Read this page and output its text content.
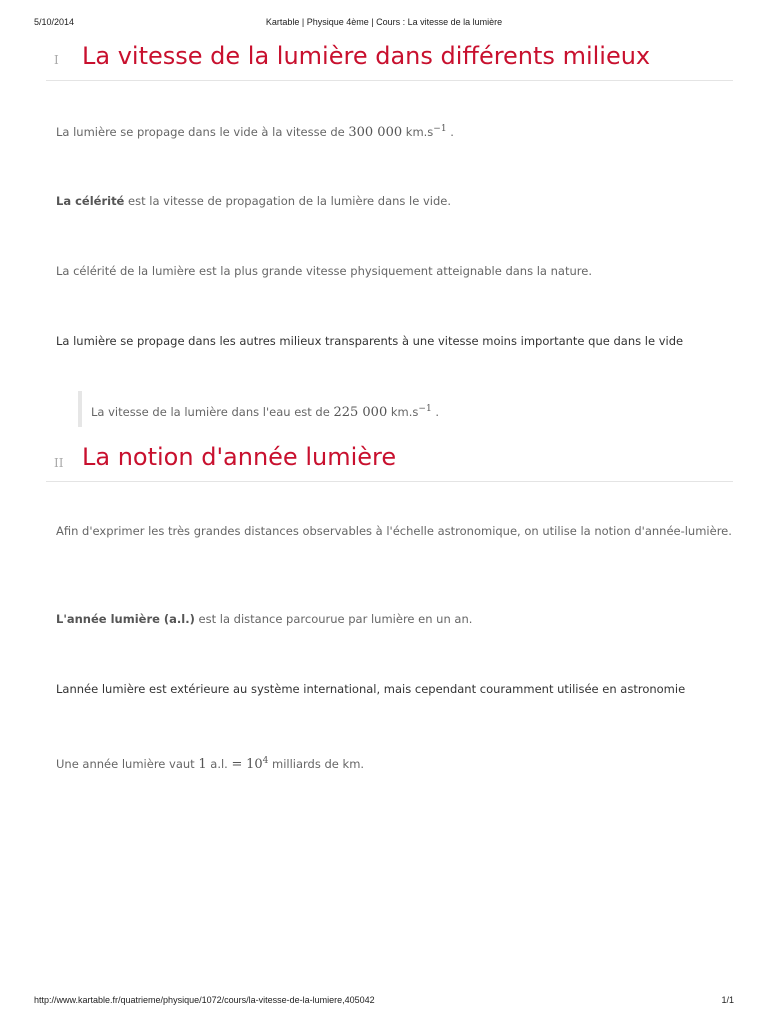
5/10/2014	Kartable | Physique 4ème | Cours : La vitesse de la lumière
I La vitesse de la lumière dans différents milieux
La lumière se propage dans le vide à la vitesse de 300 000 $km.s^{-1}$ .
La célérité est la vitesse de propagation de la lumière dans le vide.
La célérité de la lumière est la plus grande vitesse physiquement atteignable dans la nature.
La lumière se propage dans les autres milieux transparents à une vitesse moins importante que dans le vide
La vitesse de la lumière dans l'eau est de 225 000 $km.s^{-1}$ .
II La notion d'année lumière
Afin d'exprimer les très grandes distances observables à l'échelle astronomique, on utilise la notion d'année-lumière.
L'année lumière (a.l.) est la distance parcourue par lumière en un an.
Lannée lumière est extérieure au système international, mais cependant couramment utilisée en astronomie
Une année lumière vaut 1 a.l. = $10^4$ milliards de km.
http://www.kartable.fr/quatrieme/physique/1072/cours/la-vitesse-de-la-lumiere,405042	1/1
